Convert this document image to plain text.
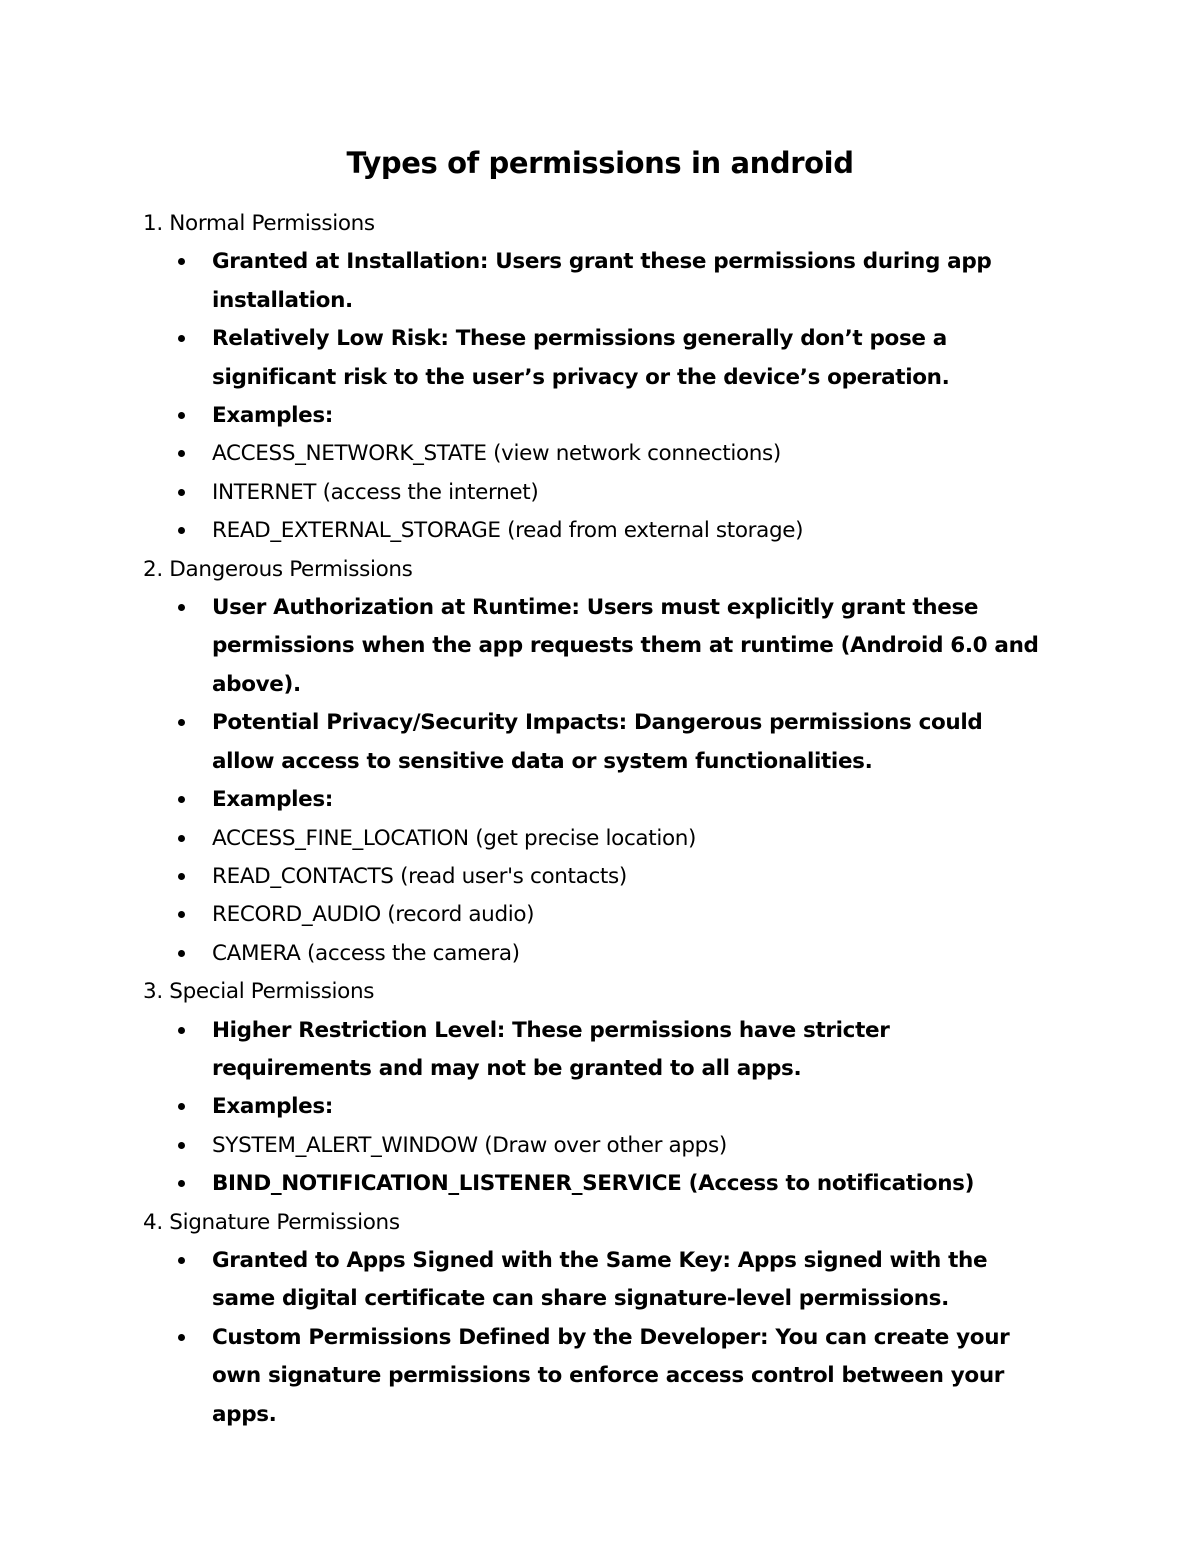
Types of permissions in android

1. Normal Permissions

Granted at Installation: Users grant these permissions during app installation.
Relatively Low Risk: These permissions generally don’t pose a significant risk to the user’s privacy or the device’s operation.
Examples:
ACCESS_NETWORK_STATE (view network connections)
INTERNET (access the internet)
READ_EXTERNAL_STORAGE (read from external storage)

2. Dangerous Permissions

User Authorization at Runtime: Users must explicitly grant these permissions when the app requests them at runtime (Android 6.0 and above).
Potential Privacy/Security Impacts: Dangerous permissions could allow access to sensitive data or system functionalities.
Examples:
ACCESS_FINE_LOCATION (get precise location)
READ_CONTACTS (read user's contacts)
RECORD_AUDIO (record audio)
CAMERA (access the camera)

3. Special Permissions

Higher Restriction Level: These permissions have stricter requirements and may not be granted to all apps.
Examples:
SYSTEM_ALERT_WINDOW (Draw over other apps)
BIND_NOTIFICATION_LISTENER_SERVICE (Access to notifications)

4. Signature Permissions

Granted to Apps Signed with the Same Key: Apps signed with the same digital certificate can share signature-level permissions.
Custom Permissions Defined by the Developer: You can create your own signature permissions to enforce access control between your apps.
